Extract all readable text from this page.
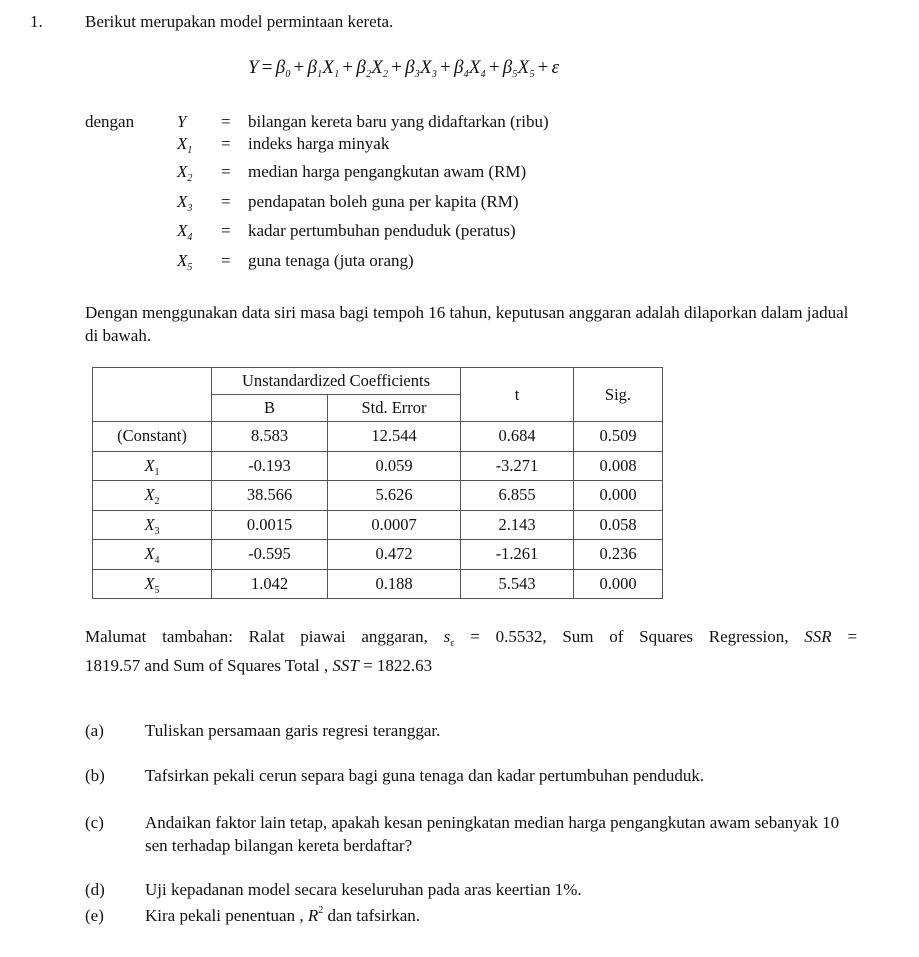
1. Berikut merupakan model permintaan kereta.
$Y = \beta_0 + \beta_1X_1 + \beta_2X_2 + \beta_3X_3 + \beta_4X_4 + \beta_5X_5 + \varepsilon$
dengan	Y	= bilangan kereta baru yang didaftarkan (ribu)
$X_1$	= indeks harga minyak
$X_2$	= median harga pengangkutan awam (RM)
$X_3$	= pendapatan boleh guna per kapita (RM)
$X_4$	= kadar pertumbuhan penduduk (peratus)
$X_5$	= guna tenaga (juta orang)
Dengan menggunakan data siri masa bagi tempoh 16 tahun, keputusan anggaran adalah dilaporkan dalam jadual di bawah.
	Unstandardized Coefficients		t	Sig.
	B	Std. Error		
(Constant)	8.583	12.544	0.684	0.509
$X_1$	-0.193	0.059	-3.271	0.008
$X_2$	38.566	5.626	6.855	0.000
$X_3$	0.0015	0.0007	2.143	0.058
$X_4$	-0.595	0.472	-1.261	0.236
$X_5$	1.042	0.188	5.543	0.000
Malumat tambahan: Ralat piawai anggaran, $s_\varepsilon = 0.5532$, Sum of Squares Regression, SSR =
1819.57 and Sum of Squares Total , SST = 1822.63
(a) Tuliskan persamaan garis regresi teranggar.
(b) Tafsirkan pekali cerun separa bagi guna tenaga dan kadar pertumbuhan penduduk.
(c) Andaikan faktor lain tetap, apakah kesan peningkatan median harga pengangkutan awam sebanyak 10 sen terhadap bilangan kereta berdaftar?
(d) Uji kepadanan model secara keseluruhan pada aras keertian 1%.
(e) Kira pekali penentuan , $R^2$ dan tafsirkan.
